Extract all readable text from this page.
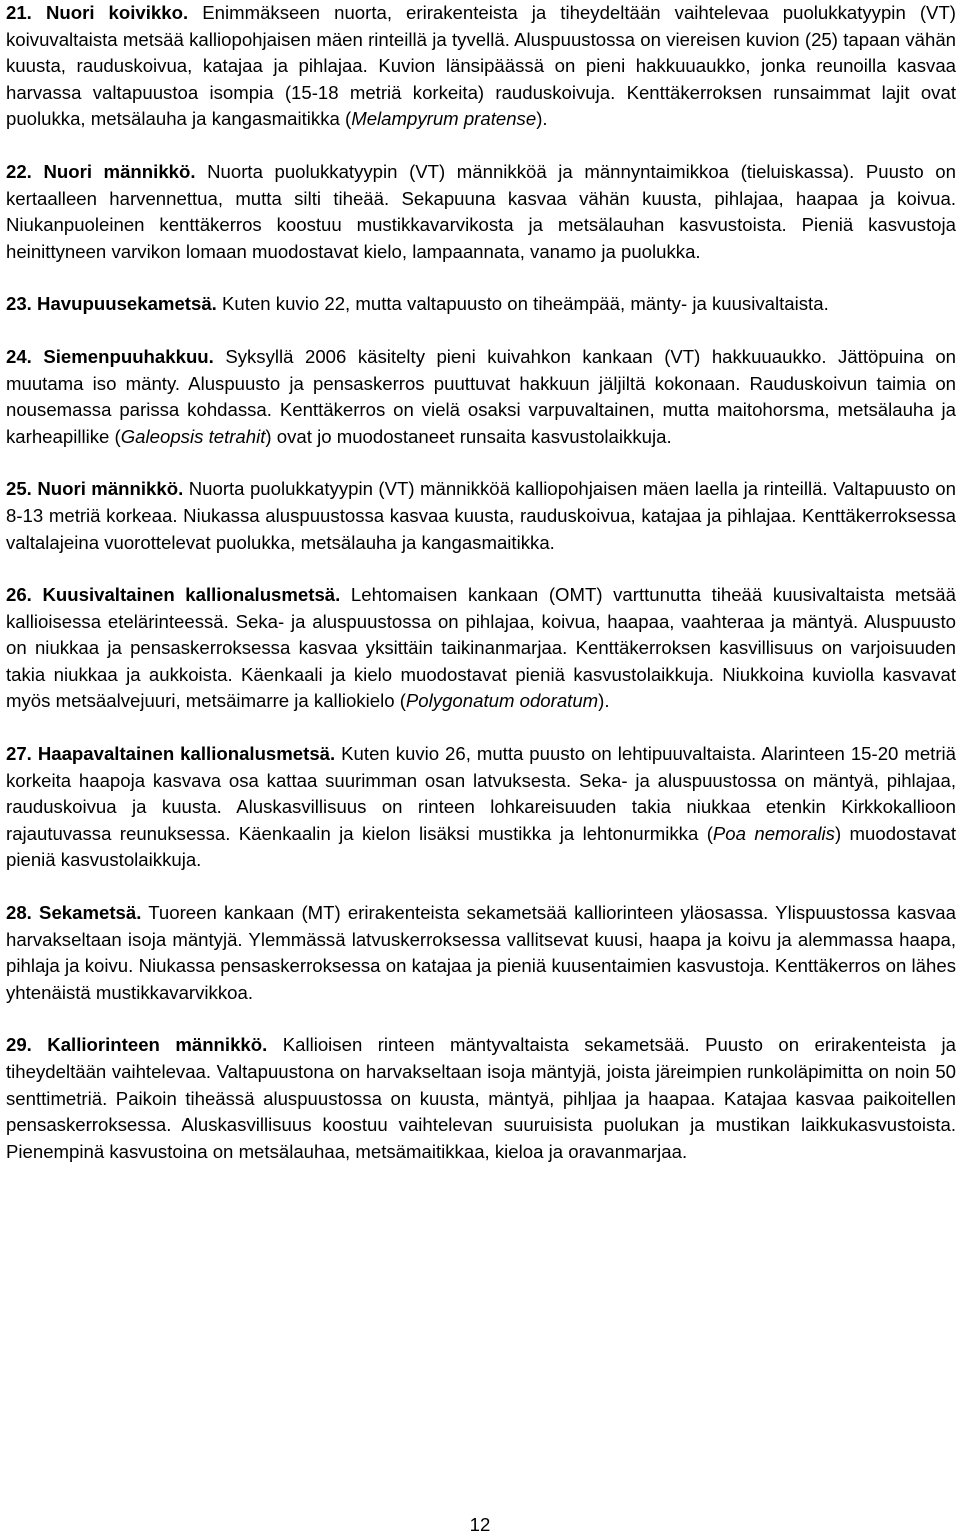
21. Nuori koivikko. Enimmäkseen nuorta, erirakenteista ja tiheydeltään vaihtelevaa puolukkatyypin (VT) koivuvaltaista metsää kalliopohjaisen mäen rinteillä ja tyvellä. Aluspuustossa on viereisen kuvion (25) tapaan vähän kuusta, rauduskoivua, katajaa ja pihlajaa. Kuvion länsipäässä on pieni hakkuuaukko, jonka reunoilla kasvaa harvassa valtapuustoa isompia (15-18 metriä korkeita) rauduskoivuja. Kenttäkerroksen runsaimmat lajit ovat puolukka, metsälauha ja kangasmaitikka (Melampyrum pratense).

22. Nuori männikkö. Nuorta puolukkatyypin (VT) männikköä ja männyntaimikkoa (tieluiskassa). Puusto on kertaalleen harvennettua, mutta silti tiheää. Sekapuuna kasvaa vähän kuusta, pihlajaa, haapaa ja koivua. Niukanpuoleinen kenttäkerros koostuu mustikkavarvikosta ja metsälauhan kasvustoista. Pieniä kasvustoja heinittyneen varvikon lomaan muodostavat kielo, lampaannata, vanamo ja puolukka.

23. Havupuusekametsä. Kuten kuvio 22, mutta valtapuusto on tiheämpää, mänty- ja kuusivaltaista.

24. Siemenpuuhakkuu. Syksyllä 2006 käsitelty pieni kuivahkon kankaan (VT) hakkuuaukko. Jättöpuina on muutama iso mänty. Aluspuusto ja pensaskerros puuttuvat hakkuun jäljiltä kokonaan. Rauduskoivun taimia on nousemassa parissa kohdassa. Kenttäkerros on vielä osaksi varpuvaltainen, mutta maitohorsma, metsälauha ja karheapillike (Galeopsis tetrahit) ovat jo muodostaneet runsaita kasvustolaikkuja.

25. Nuori männikkö. Nuorta puolukkatyypin (VT) männikköä kalliopohjaisen mäen laella ja rinteillä. Valtapuusto on 8-13 metriä korkeaa. Niukassa aluspuustossa kasvaa kuusta, rauduskoivua, katajaa ja pihlajaa. Kenttäkerroksessa valtalajeina vuorottelevat puolukka, metsälauha ja kangasmaitikka.

26. Kuusivaltainen kallionalusmetsä. Lehtomaisen kankaan (OMT) varttunutta tiheää kuusivaltaista metsää kallioisessa etelärinteessä. Seka- ja aluspuustossa on pihlajaa, koivua, haapaa, vaahteraa ja mäntyä. Aluspuusto on niukkaa ja pensaskerroksessa kasvaa yksittäin taikinanmarjaa. Kenttäkerroksen kasvillisuus on varjoisuuden takia niukkaa ja aukkoista. Käenkaali ja kielo muodostavat pieniä kasvustolaikkuja. Niukkoina kuviolla kasvavat myös metsäalvejuuri, metsäimarre ja kalliokielo (Polygonatum odoratum).

27. Haapavaltainen kallionalusmetsä. Kuten kuvio 26, mutta puusto on lehtipuuvaltaista. Alarinteen 15-20 metriä korkeita haapoja kasvava osa kattaa suurimman osan latvuksesta. Seka- ja aluspuustossa on mäntyä, pihlajaa, rauduskoivua ja kuusta. Aluskasvillisuus on rinteen lohkareisuuden takia niukkaa etenkin Kirkkokallioon rajautuvassa reunuksessa. Käenkaalin ja kielon lisäksi mustikka ja lehtonurmikka (Poa nemoralis) muodostavat pieniä kasvustolaikkuja.

28. Sekametsä. Tuoreen kankaan (MT) erirakenteista sekametsää kalliorinteen yläosassa. Ylispuustossa kasvaa harvakseltaan isoja mäntyjä. Ylemmässä latvuskerroksessa vallitsevat kuusi, haapa ja koivu ja alemmassa haapa, pihlaja ja koivu. Niukassa pensaskerroksessa on katajaa ja pieniä kuusentaimien kasvustoja. Kenttäkerros on lähes yhtenäistä mustikkavarvikkoa.

29. Kalliorinteen männikkö. Kallioisen rinteen mäntyvaltaista sekametsää. Puusto on erirakenteista ja tiheydeltään vaihtelevaa. Valtapuustona on harvakseltaan isoja mäntyjä, joista järeimpien runkoläpimitta on noin 50 senttimetriä. Paikoin tiheässä aluspuustossa on kuusta, mäntyä, pihljaa ja haapaa. Katajaa kasvaa paikoitellen pensaskerroksessa. Aluskasvillisuus koostuu vaihtelevan suuruisista puolukan ja mustikan laikkukasvustoista. Pienempinä kasvustoina on metsälauhaa, metsämaitikkaa, kieloa ja oravanmarjaa.

12
